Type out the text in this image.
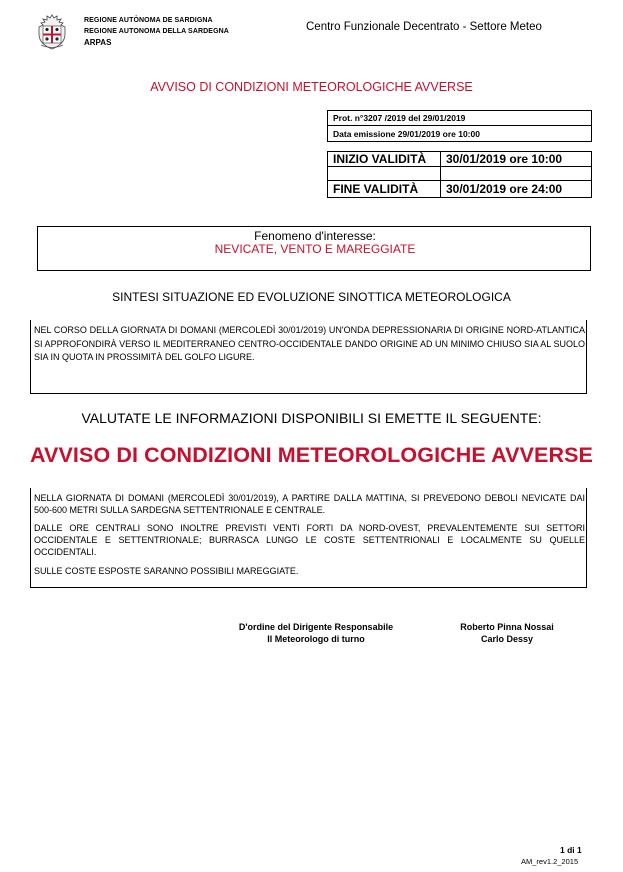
REGIONE AUTÒNOMA DE SARDIGNA
REGIONE AUTONOMA DELLA SARDEGNA
ARPAS
Centro Funzionale Decentrato - Settore Meteo
AVVISO DI CONDIZIONI METEOROLOGICHE AVVERSE
Prot. n°3207 /2019 del 29/01/2019
Data emissione 29/01/2019 ore 10:00
INIZIO VALIDITÀ 30/01/2019 ore 10:00
FINE VALIDITÀ 30/01/2019 ore 24:00
Fenomeno d'interesse:
NEVICATE, VENTO E MAREGGIATE
SINTESI SITUAZIONE ED EVOLUZIONE SINOTTICA METEOROLOGICA
NEL CORSO DELLA GIORNATA DI DOMANI (MERCOLEDÌ 30/01/2019) UN'ONDA DEPRESSIONARIA DI ORIGINE NORD-ATLANTICA SI APPROFONDIRÀ VERSO IL MEDITERRANEO CENTRO-OCCIDENTALE DANDO ORIGINE AD UN MINIMO CHIUSO SIA AL SUOLO SIA IN QUOTA IN PROSSIMITÀ DEL GOLFO LIGURE.
VALUTATE LE INFORMAZIONI DISPONIBILI SI EMETTE IL SEGUENTE:
AVVISO DI CONDIZIONI METEOROLOGICHE AVVERSE
NELLA GIORNATA DI DOMANI (MERCOLEDÌ 30/01/2019), A PARTIRE DALLA MATTINA, SI PREVEDONO DEBOLI NEVICATE DAI 500-600 METRI SULLA SARDEGNA SETTENTRIONALE E CENTRALE.
DALLE ORE CENTRALI SONO INOLTRE PREVISTI VENTI FORTI DA NORD-OVEST, PREVALENTEMENTE SUI SETTORI OCCIDENTALE E SETTENTRIONALE; BURRASCA LUNGO LE COSTE SETTENTRIONALI E LOCALMENTE SU QUELLE OCCIDENTALI.
SULLE COSTE ESPOSTE SARANNO POSSIBILI MAREGGIATE.
D'ordine del Dirigente Responsabile
Il Meteorologo di turno
Roberto Pinna Nossai
Carlo Dessy
1 di 1
AM_rev1.2_2015
